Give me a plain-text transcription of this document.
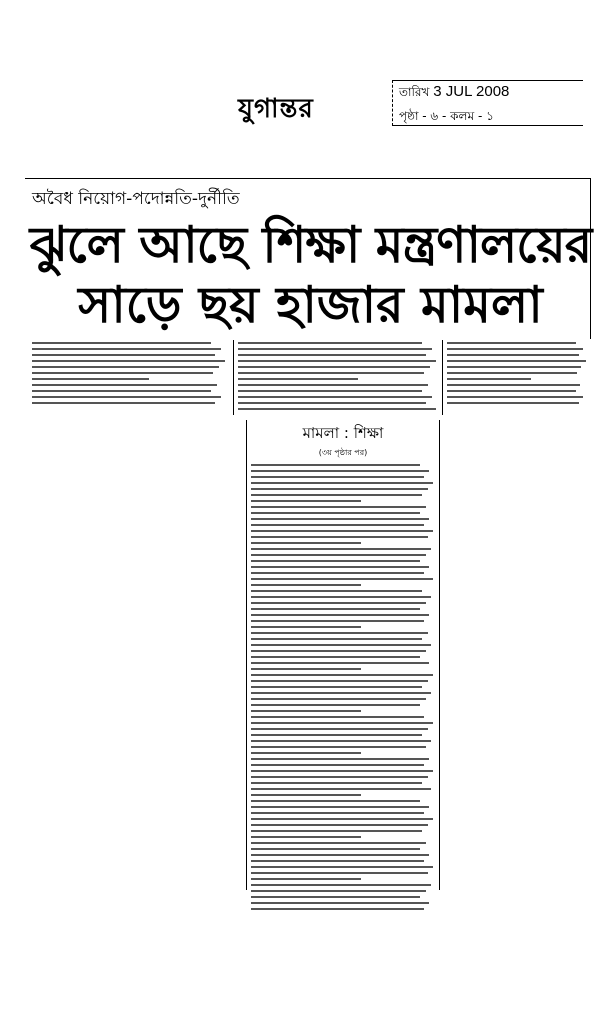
যুগান্তর
তারিখ 3 JUL 2008
পৃষ্ঠা - ৬ - কলম - ১
অবৈধ নিয়োগ-পদোন্নতি-দুর্নীতি
ঝুলে আছে শিক্ষা মন্ত্রণালয়ের
সাড়ে ছয় হাজার মামলা
মামলা : শিক্ষা
(৩য় পৃষ্ঠার পর)
